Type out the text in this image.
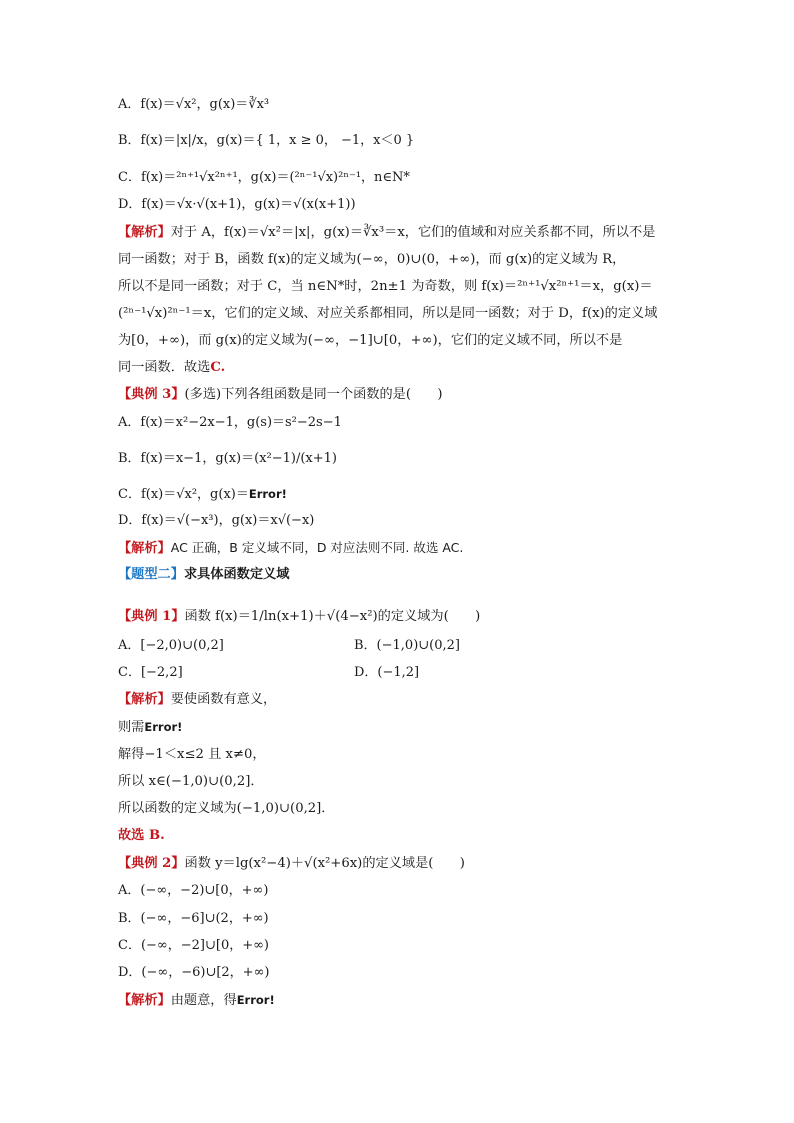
A．f(x)＝√x²，g(x)＝∛x³
B．f(x)＝|x|/x，g(x)＝{ 1，x ≥ 0， −1，x＜0 }
C．f(x)＝²ⁿ⁺¹√x²ⁿ⁺¹，g(x)＝(²ⁿ⁻¹√x)²ⁿ⁻¹，n∈N*
D．f(x)＝√x·√(x+1)，g(x)＝√(x(x+1))
【解析】对于 A，f(x)＝√x²＝|x|，g(x)＝∛x³＝x，它们的值域和对应关系都不同，所以不是
同一函数；对于 B，函数 f(x)的定义域为(−∞，0)∪(0，+∞)，而 g(x)的定义域为 R，
所以不是同一函数；对于 C，当 n∈N*时，2n±1 为奇数，则 f(x)＝²ⁿ⁺¹√x²ⁿ⁺¹＝x，g(x)＝
(²ⁿ⁻¹√x)²ⁿ⁻¹＝x，它们的定义域、对应关系都相同，所以是同一函数；对于 D，f(x)的定义域
为[0，+∞)，而 g(x)的定义域为(−∞，−1]∪[0，+∞)，它们的定义域不同，所以不是
同一函数．故选C.
【典例 3】(多选)下列各组函数是同一个函数的是(　　)
A．f(x)＝x²−2x−1，g(s)＝s²−2s−1
B．f(x)＝x−1，g(x)＝(x²−1)/(x+1)
C．f(x)＝√x²，g(x)＝Error!
D．f(x)＝√(−x³)，g(x)＝x√(−x)
【解析】AC 正确，B 定义域不同，D 对应法则不同. 故选 AC.
【题型二】求具体函数定义域
【典例 1】函数 f(x)＝1/ln(x+1)＋√(4−x²)的定义域为(　　)
A．[−2,0)∪(0,2]	B．(−1,0)∪(0,2]
C．[−2,2]	D．(−1,2]
【解析】要使函数有意义，
则需Error!
解得−1＜x≤2 且 x≠0，
所以 x∈(−1,0)∪(0,2]．
所以函数的定义域为(−1,0)∪(0,2]．
故选 B.
【典例 2】函数 y＝lg(x²−4)＋√(x²+6x)的定义域是(　　)
A．(−∞，−2)∪[0，+∞)
B．(−∞，−6]∪(2，+∞)
C．(−∞，−2]∪[0，+∞)
D．(−∞，−6)∪[2，+∞)
【解析】由题意，得Error!
